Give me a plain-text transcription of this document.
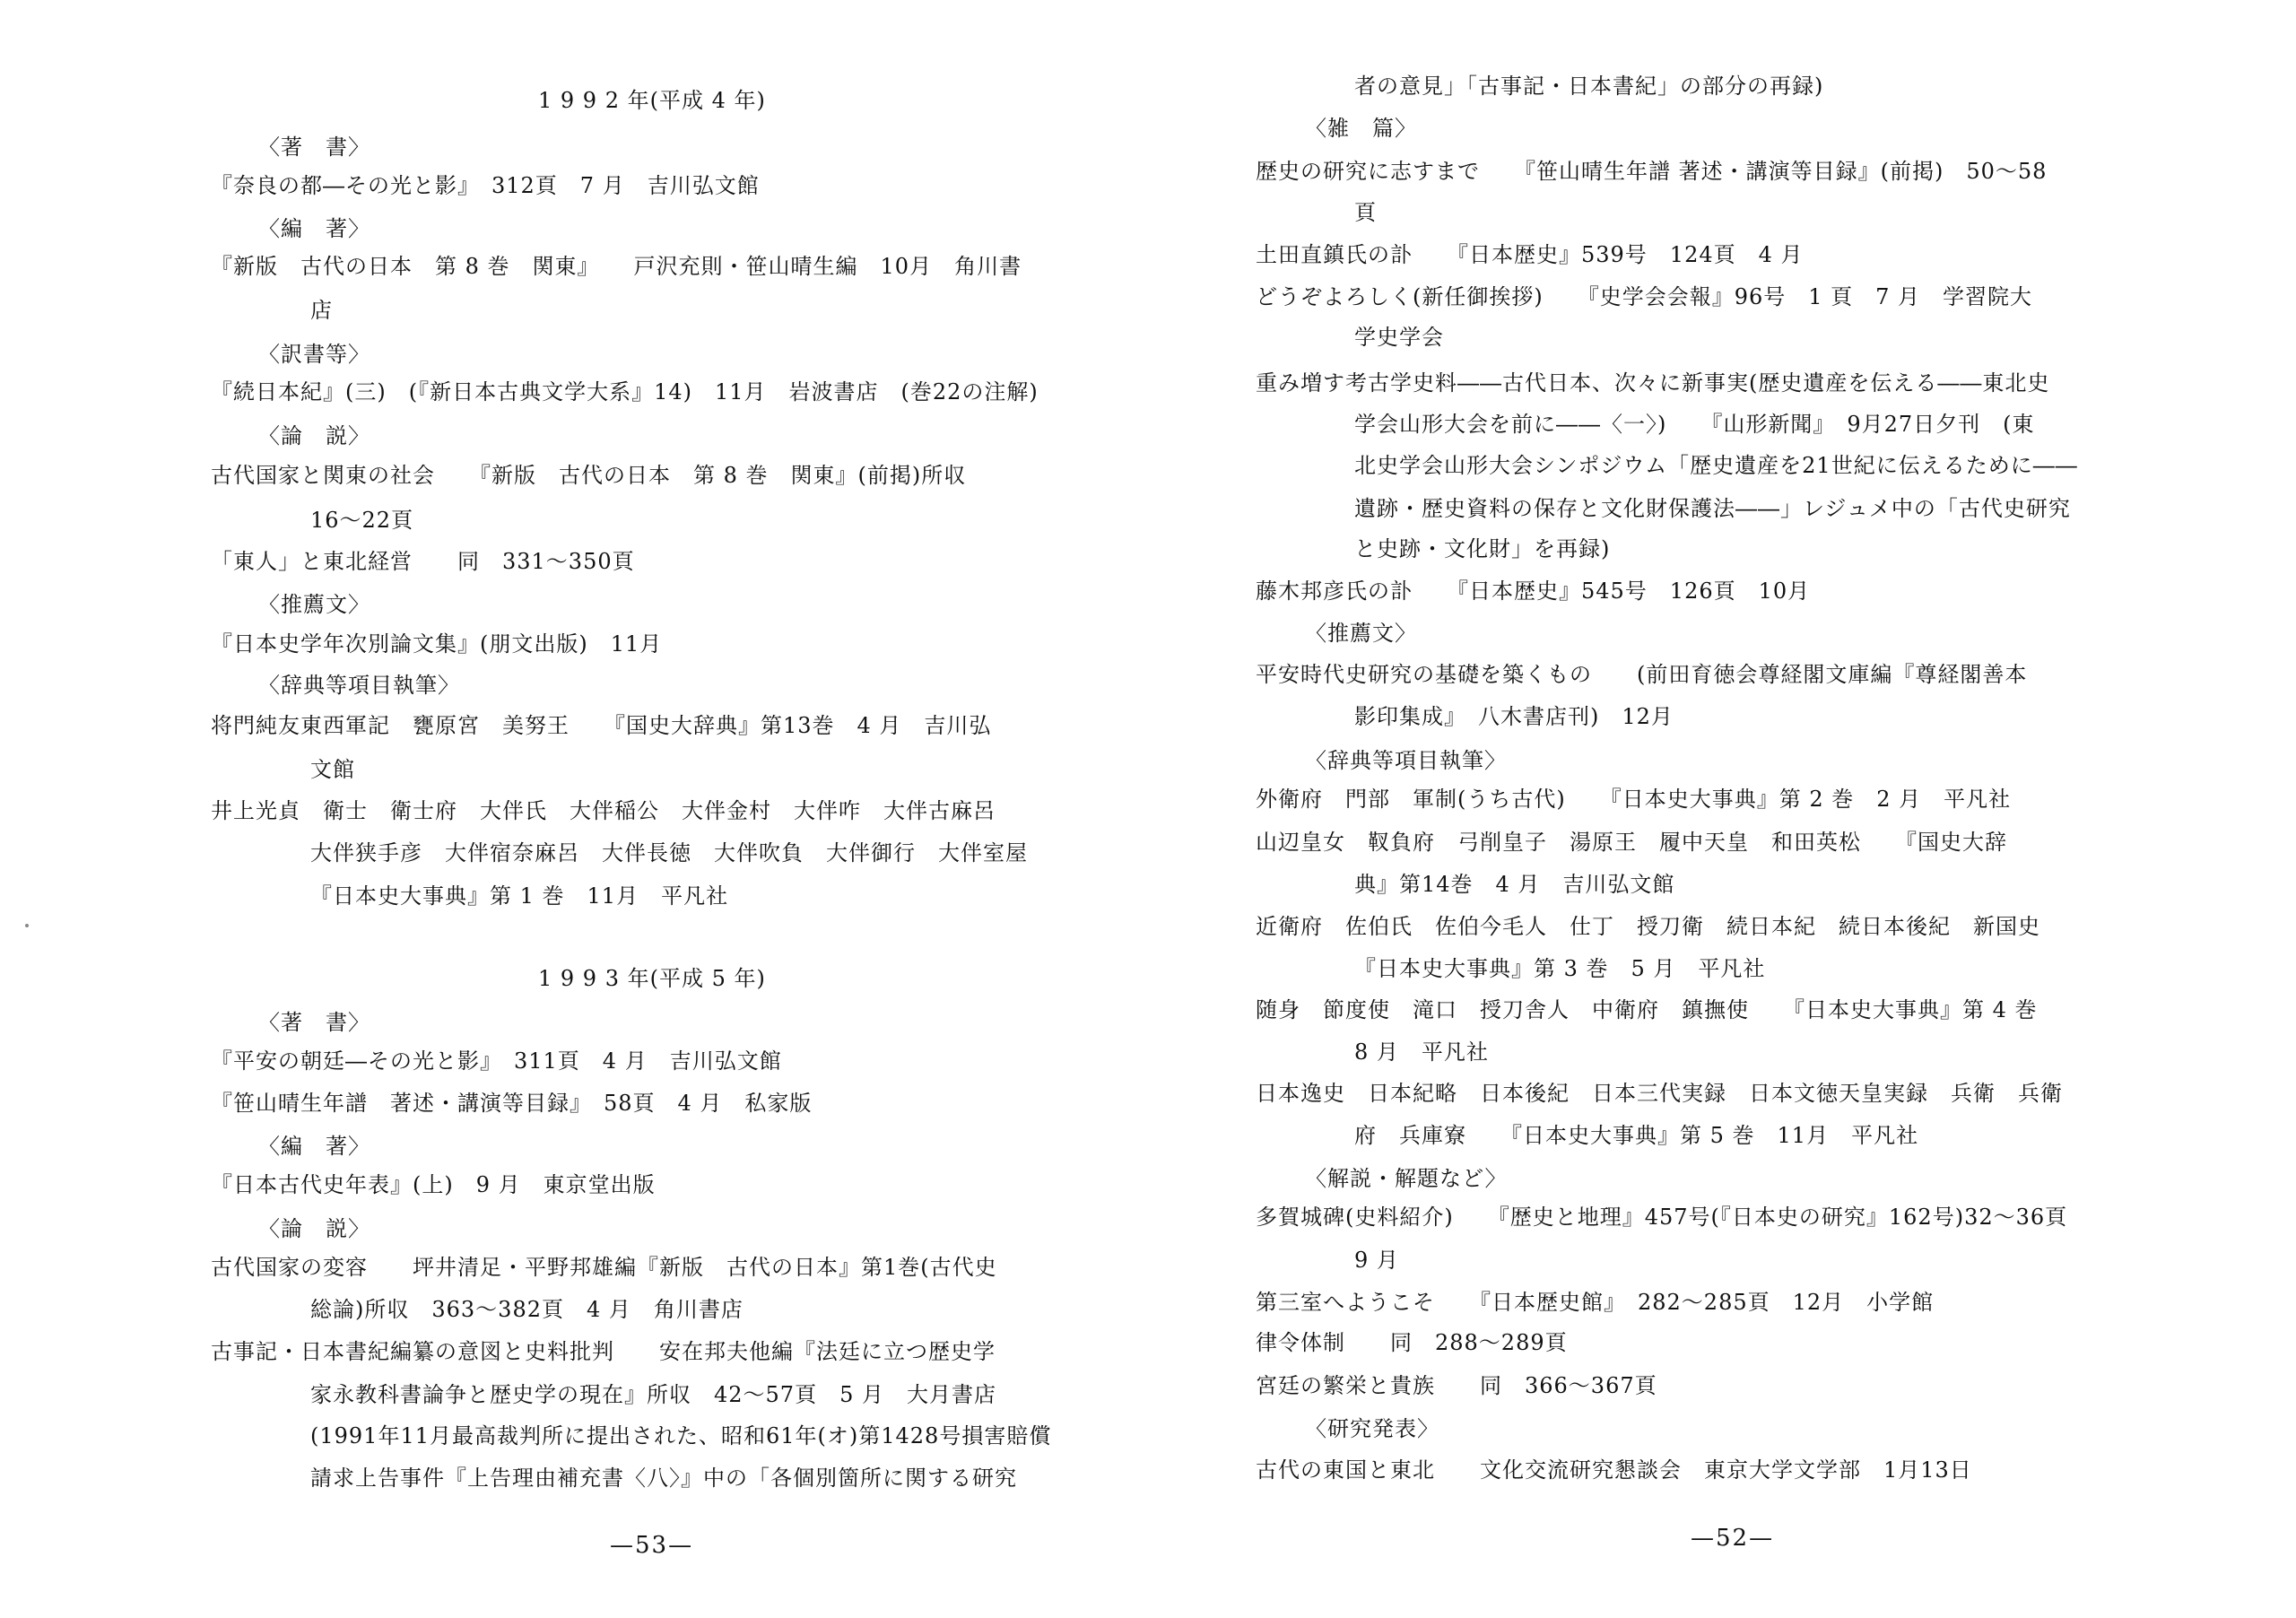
1 9 9 2 年(平成 4 年)
〈著　書〉
『奈良の都―その光と影』　312頁　7 月　吉川弘文館
〈編　著〉
『新版　古代の日本　第 8 巻　関東』　　戸沢充則・笹山晴生編　10月　角川書
店
〈訳書等〉
『続日本紀』(三)　(『新日本古典文学大系』14)　11月　岩波書店　(巻22の注解)
〈論　説〉
古代国家と関東の社会　　『新版　古代の日本　第 8 巻　関東』(前掲)所収
16～22頁
「東人」と東北経営　　同　331～350頁
〈推薦文〉
『日本史学年次別論文集』(朋文出版)　11月
〈辞典等項目執筆〉
将門純友東西軍記　甕原宮　美努王　　『国史大辞典』第13巻　4 月　吉川弘
文館
井上光貞　衛士　衛士府　大伴氏　大伴稲公　大伴金村　大伴咋　大伴古麻呂
大伴狭手彦　大伴宿奈麻呂　大伴長徳　大伴吹負　大伴御行　大伴室屋
『日本史大事典』第 1 巻　11月　平凡社
1 9 9 3 年(平成 5 年)
〈著　書〉
『平安の朝廷―その光と影』　311頁　4 月　吉川弘文館
『笹山晴生年譜　著述・講演等目録』　58頁　4 月　私家版
〈編　著〉
『日本古代史年表』(上)　9 月　東京堂出版
〈論　説〉
古代国家の変容　　坪井清足・平野邦雄編『新版　古代の日本』第1巻(古代史
総論)所収　363～382頁　4 月　角川書店
古事記・日本書紀編纂の意図と史料批判　　安在邦夫他編『法廷に立つ歴史学
家永教科書論争と歴史学の現在』所収　42～57頁　5 月　大月書店
(1991年11月最高裁判所に提出された、昭和61年(オ)第1428号損害賠償
請求上告事件『上告理由補充書〈八〉』中の「各個別箇所に関する研究
—53—
者の意見」「古事記・日本書紀」の部分の再録)
〈雑　篇〉
歴史の研究に志すまで　　『笹山晴生年譜 著述・講演等目録』(前掲)　50～58
頁
土田直鎮氏の訃　　『日本歴史』539号　124頁　4 月
どうぞよろしく(新任御挨拶)　　『史学会会報』96号　1 頁　7 月　学習院大
学史学会
重み増す考古学史料――古代日本、次々に新事実(歴史遺産を伝える――東北史
学会山形大会を前に――〈一〉)　　『山形新聞』　9月27日夕刊　(東
北史学会山形大会シンポジウム「歴史遺産を21世紀に伝えるために――
遺跡・歴史資料の保存と文化財保護法――」レジュメ中の「古代史研究
と史跡・文化財」を再録)
藤木邦彦氏の訃　　『日本歴史』545号　126頁　10月
〈推薦文〉
平安時代史研究の基礎を築くもの　　(前田育徳会尊経閣文庫編『尊経閣善本
影印集成』　八木書店刊)　12月
〈辞典等項目執筆〉
外衛府　門部　軍制(うち古代)　　『日本史大事典』第 2 巻　2 月　平凡社
山辺皇女　靫負府　弓削皇子　湯原王　履中天皇　和田英松　　『国史大辞
典』第14巻　4 月　吉川弘文館
近衛府　佐伯氏　佐伯今毛人　仕丁　授刀衛　続日本紀　続日本後紀　新国史
『日本史大事典』第 3 巻　5 月　平凡社
随身　節度使　滝口　授刀舎人　中衛府　鎮撫使　　『日本史大事典』第 4 巻
8 月　平凡社
日本逸史　日本紀略　日本後紀　日本三代実録　日本文徳天皇実録　兵衛　兵衛
府　兵庫寮　　『日本史大事典』第 5 巻　11月　平凡社
〈解説・解題など〉
多賀城碑(史料紹介)　　『歴史と地理』457号(『日本史の研究』162号)32～36頁
9 月
第三室へようこそ　　『日本歴史館』　282～285頁　12月　小学館
律令体制　　同　288～289頁
宮廷の繁栄と貴族　　同　366～367頁
〈研究発表〉
古代の東国と東北　　文化交流研究懇談会　東京大学文学部　1月13日
—52—
